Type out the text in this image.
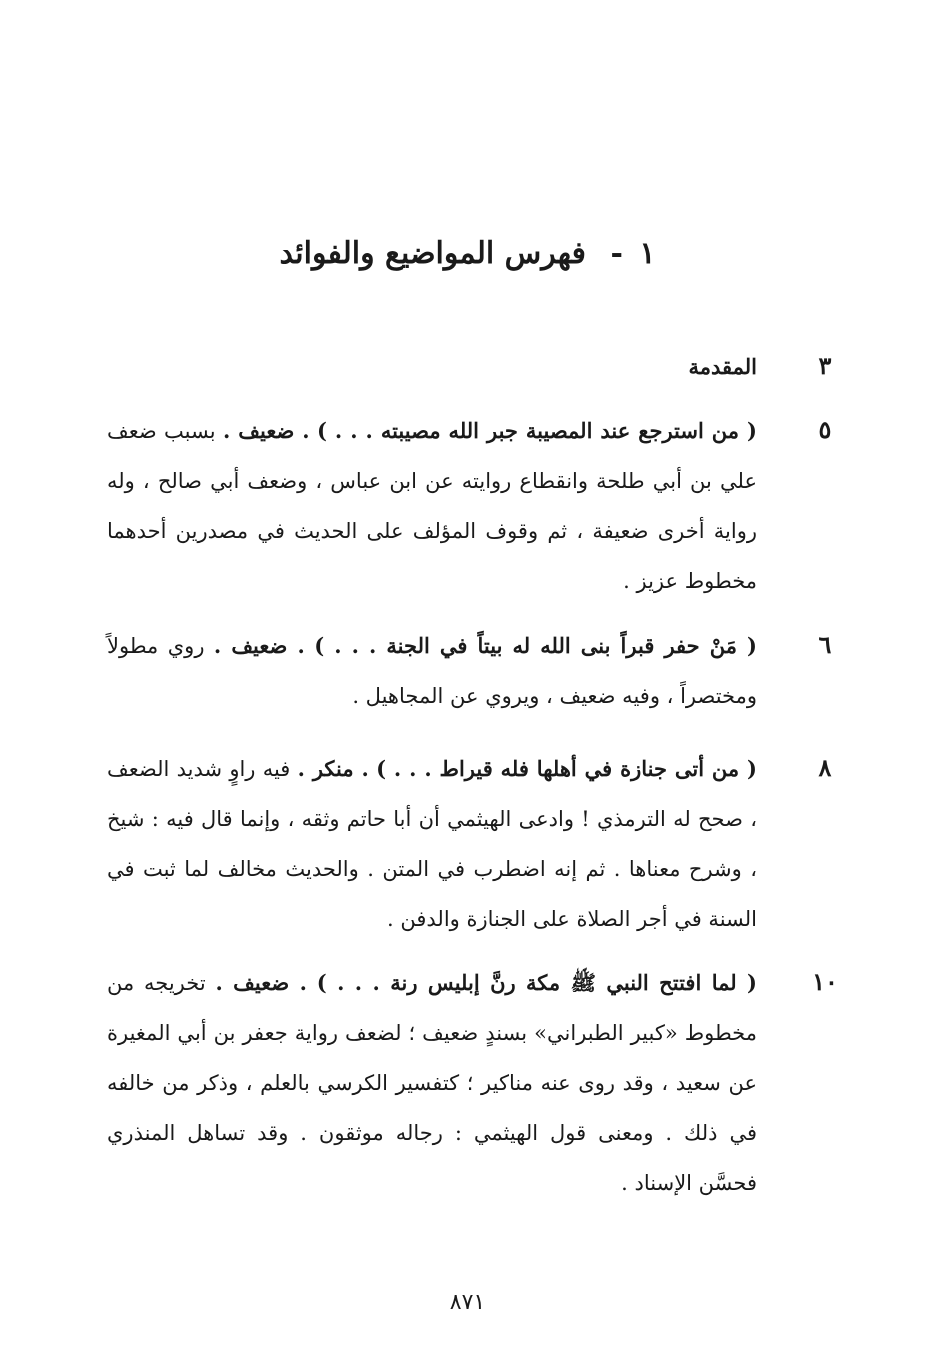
١ - فهرس المواضيع والفوائد
٣
المقدمة
٥
( من استرجع عند المصيبة جبر الله مصيبته . . . ) . ضعيف . بسبب ضعف علي بن أبي طلحة وانقطاع روايته عن ابن عباس ، وضعف أبي صالح ، وله رواية أخرى ضعيفة ، ثم وقوف المؤلف على الحديث في مصدرين أحدهما مخطوط عزيز .
٦
( مَنْ حفر قبراً بنى الله له بيتاً في الجنة . . . ) . ضعيف . روي مطولاً ومختصراً ، وفيه ضعيف ، ويروي عن المجاهيل .
٨
( من أتى جنازة في أهلها فله قيراط . . . ) . منكر . فيه راوٍ شديد الضعف ، صحح له الترمذي ! وادعى الهيثمي أن أبا حاتم وثقه ، وإنما قال فيه : شيخ ، وشرح معناها . ثم إنه اضطرب في المتن . والحديث مخالف لما ثبت في السنة في أجر الصلاة على الجنازة والدفن .
١٠
( لما افتتح النبي ﷺ مكة رنَّ إبليس رنة . . . ) . ضعيف . تخريجه من مخطوط «كبير الطبراني» بسندٍ ضعيف ؛ لضعف رواية جعفر بن أبي المغيرة عن سعيد ، وقد روى عنه مناكير ؛ كتفسير الكرسي بالعلم ، وذكر من خالفه في ذلك . ومعنى قول الهيثمي : رجاله موثقون . وقد تساهل المنذري فحسَّن الإسناد .
٨٧١
